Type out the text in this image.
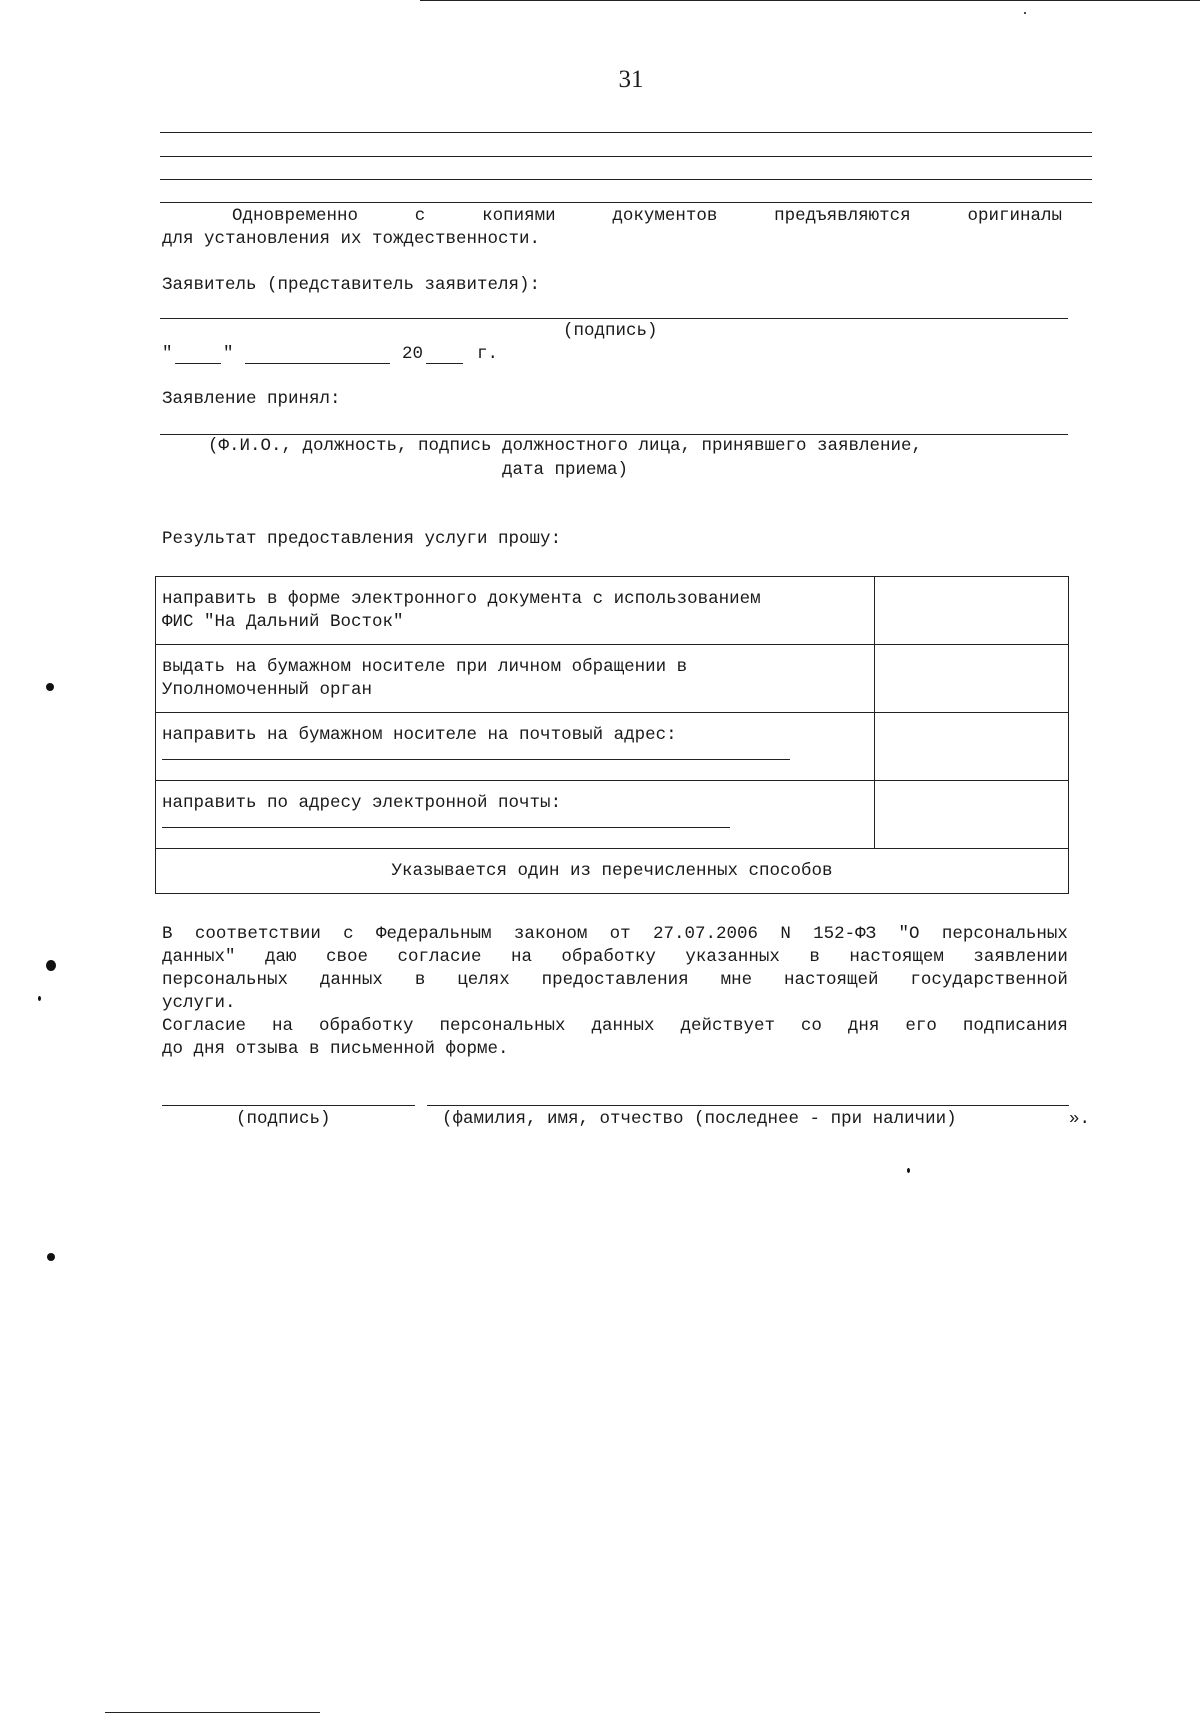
31
Одновременно	с	копиями	документов	предъявляются	оригиналы
для установления их тождественности.
Заявитель (представитель заявителя):
(подпись)
"	"	20	г.
Заявление принял:
(Ф.И.О., должность, подпись должностного лица, принявшего заявление,
дата приема)
Результат предоставления услуги прошу:
направить в форме электронного документа с использованием
ФИС "На Дальний Восток"	

выдать на бумажном носителе при личном обращении в
Уполномоченный орган	

направить на бумажном носителе на почтовый адрес:	

направить по адресу электронной почты:	

Указывается один из перечисленных способов	
В соответствии с Федеральным законом от 27.07.2006 N 152-ФЗ "О персональных
данных" даю свое согласие на обработку указанных в настоящем заявлении
персональных данных в целях предоставления мне настоящей государственной
услуги.
Согласие на обработку персональных данных действует со дня его подписания
до дня отзыва в письменной форме.
(подпись)	(фамилия, имя, отчество (последнее - при наличии)	».
